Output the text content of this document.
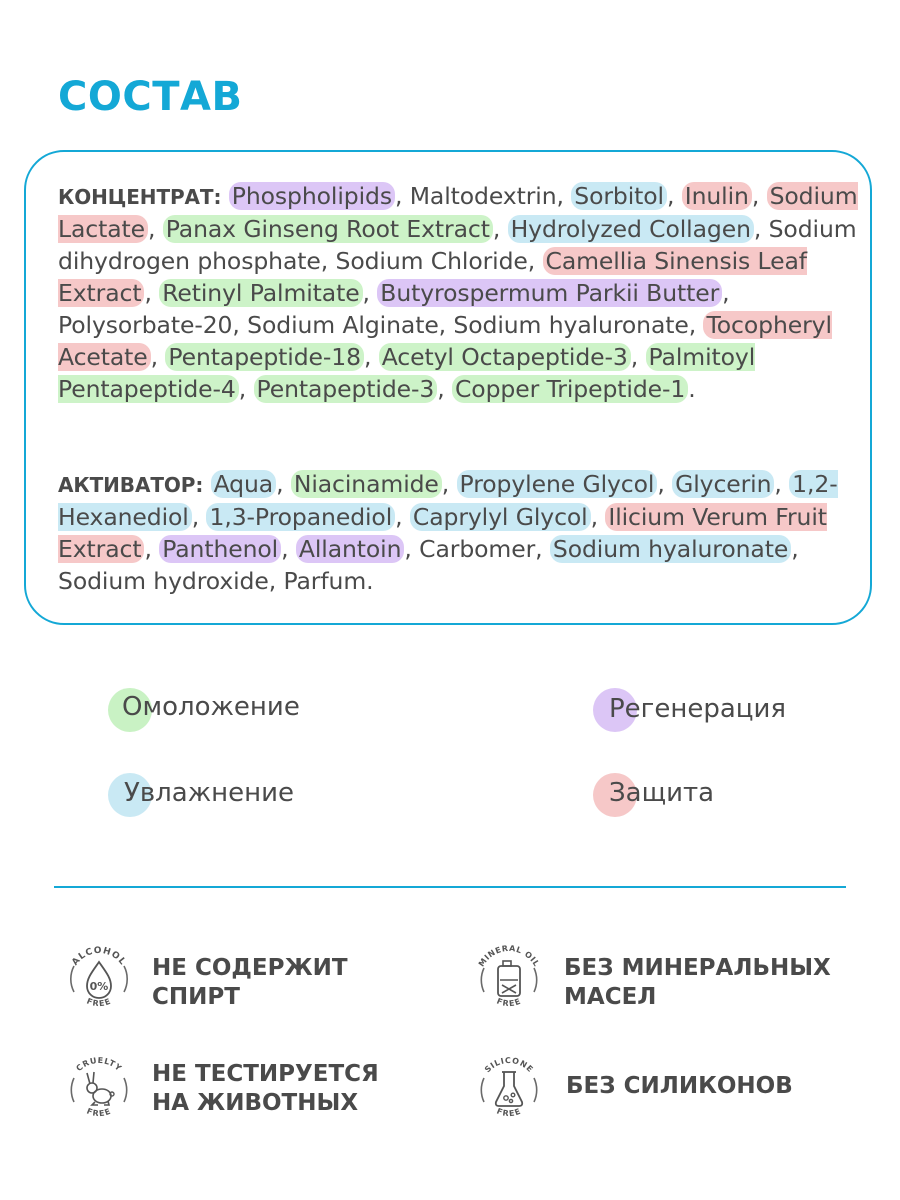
СОСТАВ
КОНЦЕНТРАТ: Phospholipids , Maltodextrin, Sorbitol , Inulin , Sodium Lactate , Panax Ginseng Root Extract , Hydrolyzed Collagen , Sodium dihydrogen phosphate, Sodium Chloride, Camellia Sinensis Leaf Extract , Retinyl Palmitate , Butyrospermum Parkii Butter , Polysorbate-20, Sodium Alginate, Sodium hyaluronate, Tocopheryl Acetate , Pentapeptide-18 , Acetyl Octapeptide-3 , Palmitoyl Pentapeptide-4 , Pentapeptide-3 , Copper Tripeptide-1 .
АКТИВАТОР: Aqua , Niacinamide , Propylene Glycol , Glycerin , 1,2-Hexanediol , 1,3-Propanediol , Caprylyl Glycol , Ilicium Verum Fruit Extract , Panthenol , Allantoin , Carbomer, Sodium hyaluronate , Sodium hydroxide, Parfum.
Омоложение	Регенерация
Увлажнение	Защита
ALCOHOL
FREE
0%
НЕ СОДЕРЖИТ
СПИРТ
MINERAL OIL
FREE
БЕЗ МИНЕРАЛЬНЫХ
МАСЕЛ
CRUELTY
FREE
НЕ ТЕСТИРУЕТСЯ
НА ЖИВОТНЫХ
SILICONE
FREE
БЕЗ СИЛИКОНОВ
